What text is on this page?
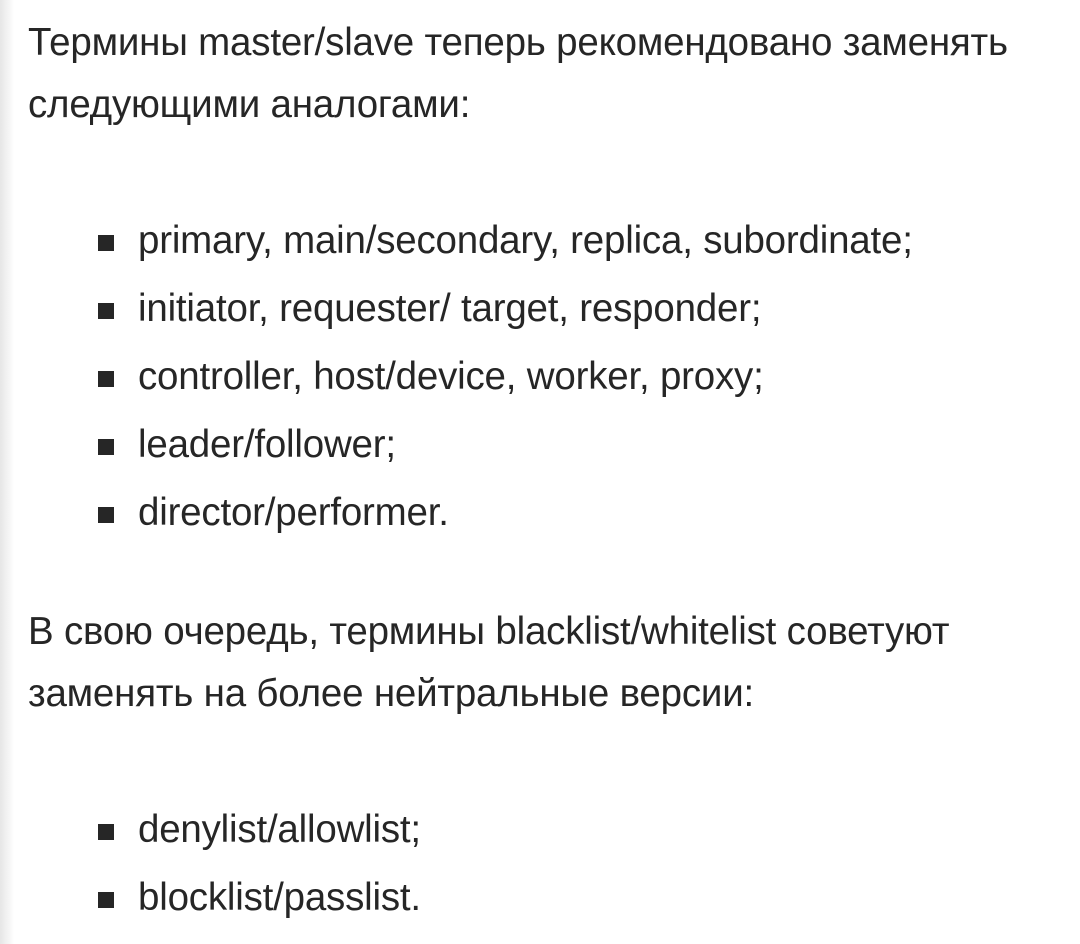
Термины master/slave теперь рекомендовано заменять следующими аналогами:

primary, main/secondary, replica, subordinate;
initiator, requester/ target, responder;
controller, host/device, worker, proxy;
leader/follower;
director/performer.

В свою очередь, термины blacklist/whitelist советуют заменять на более нейтральные версии:

denylist/allowlist;
blocklist/passlist.
